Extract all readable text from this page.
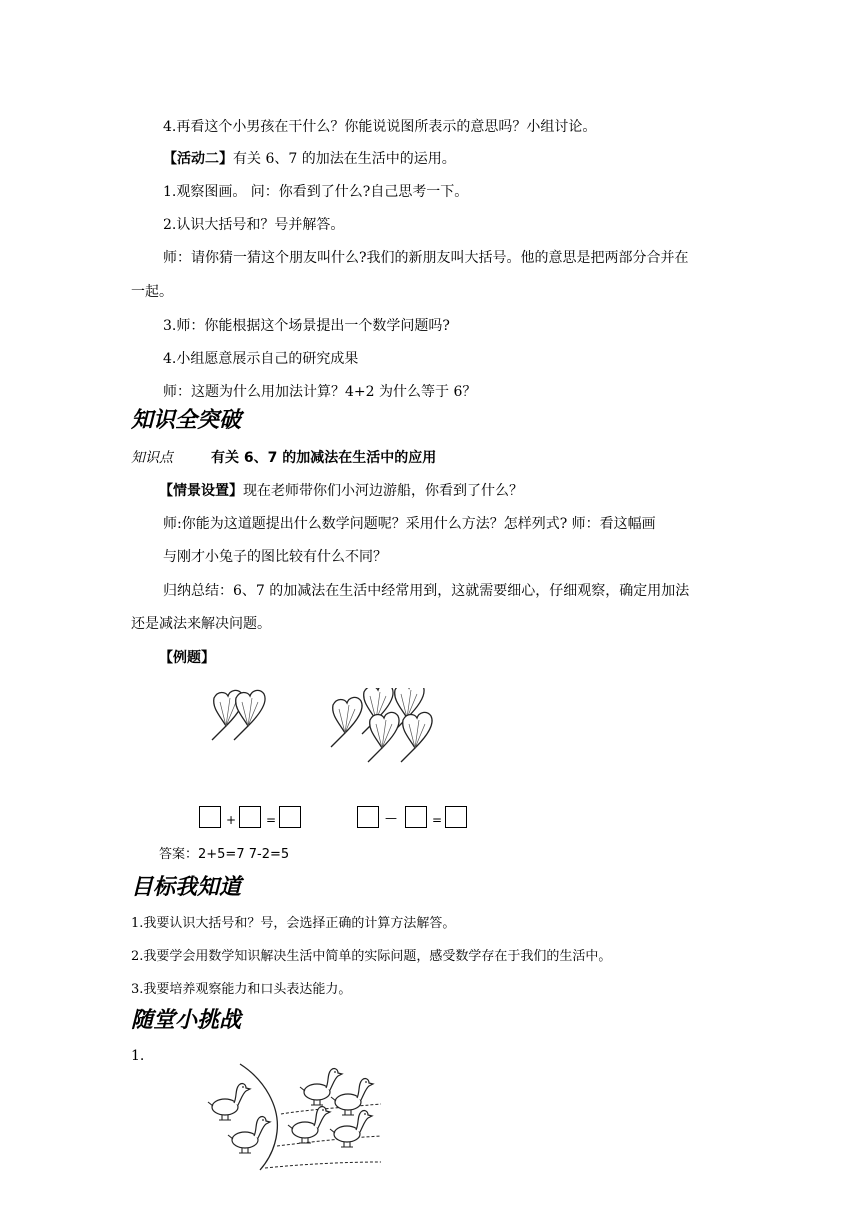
4.再看这个小男孩在干什么？你能说说图所表示的意思吗？小组讨论。
【活动二】有关 6、7 的加法在生活中的运用。
1.观察图画。 问：你看到了什么?自己思考一下。
2.认识大括号和？号并解答。
师：请你猜一猜这个朋友叫什么?我们的新朋友叫大括号。他的意思是把两部分合并在
一起。
3.师：你能根据这个场景提出一个数学问题吗?
4.小组愿意展示自己的研究成果
师：这题为什么用加法计算？4+2 为什么等于 6？
知识全突破
知识点	有关 6、7 的加减法在生活中的应用
【情景设置】现在老师带你们小河边游船，你看到了什么？
师:你能为这道题提出什么数学问题呢？采用什么方法？怎样列式? 师：看这幅画
与刚才小兔子的图比较有什么不同？
归纳总结：6、7 的加减法在生活中经常用到，这就需要细心，仔细观察，确定用加法
还是减法来解决问题。
【例题】
+ =	—	=
答案：2+5=7 7-2=5
目标我知道
1.我要认识大括号和？号，会选择正确的计算方法解答。
2.我要学会用数学知识解决生活中简单的实际问题，感受数学存在于我们的生活中。
3.我要培养观察能力和口头表达能力。
随堂小挑战
1.
